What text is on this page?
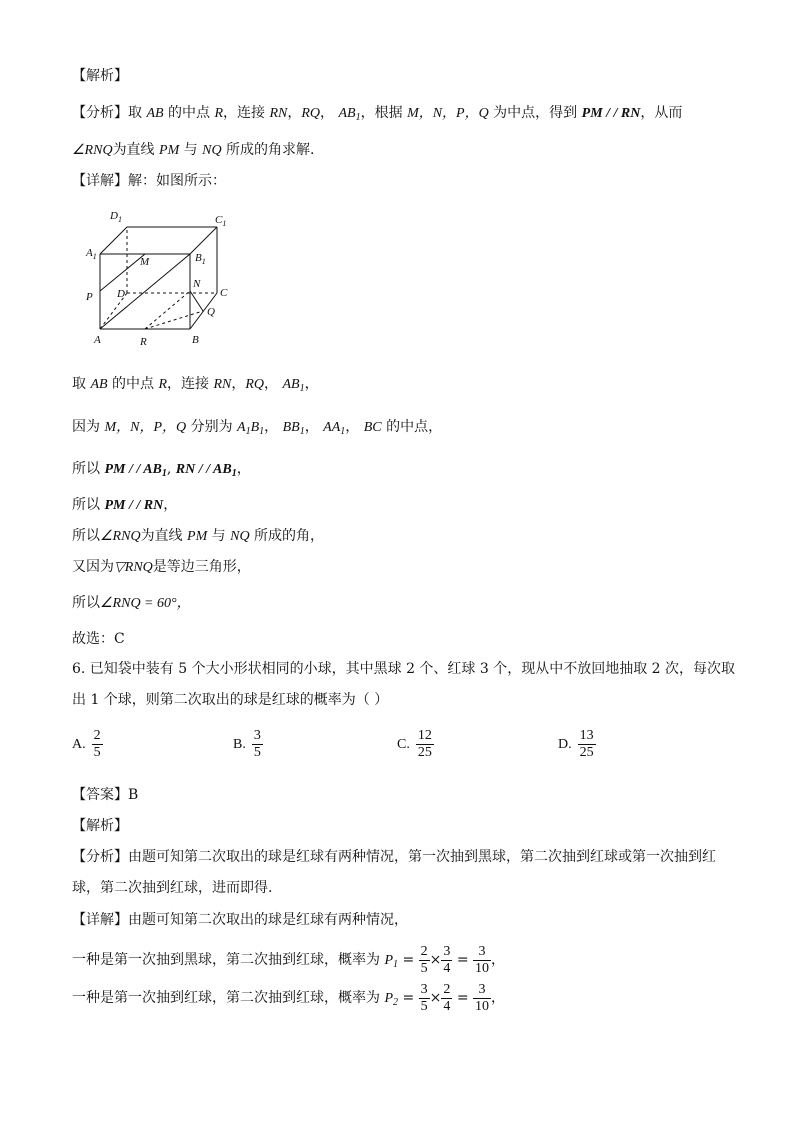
【解析】
【分析】取 AB 的中点 R，连接 RN，RQ， $AB_1$，根据 M，N，P，Q 为中点，得到 PM / / RN，从而
∠RNQ为直线 PM 与 NQ 所成的角求解.
【详解】解：如图所示：
$D_1$	$C_1$
$A_1$	M	$B_1$
P D
N
C
Q
A	R	B
取 AB 的中点 R，连接 RN，RQ， $AB_1$，
因为 M，N，P，Q 分别为 $A_1B_1$， $BB_1$， $AA_1$， BC 的中点，
所以 PM / / $AB_1$, RN / / $AB_1$，
所以 PM / / RN，
所以∠RNQ为直线 PM 与 NQ 所成的角，
又因为▽RNQ是等边三角形，
所以∠RNQ = 60°，
故选：C
6. 已知袋中装有 5 个大小形状相同的小球，其中黑球 2 个、红球 3 个，现从中不放回地抽取 2 次，每次取
出 1 个球，则第二次取出的球是红球的概率为（ ）
A. $\frac{2}{5}$	B. $\frac{3}{5}$	C. $\frac{12}{25}$	D. $\frac{13}{25}$
【答案】B
【解析】
【分析】由题可知第二次取出的球是红球有两种情况，第一次抽到黑球，第二次抽到红球或第一次抽到红
球，第二次抽到红球，进而即得.
【详解】由题可知第二次取出的球是红球有两种情况，
一种是第一次抽到黑球，第二次抽到红球，概率为 $P_1 = \frac{2}{5} \times \frac{3}{4} = \frac{3}{10}$ ，
一种是第一次抽到红球，第二次抽到红球，概率为 $P_2 = \frac{3}{5} \times \frac{2}{4} = \frac{3}{10}$ ，
